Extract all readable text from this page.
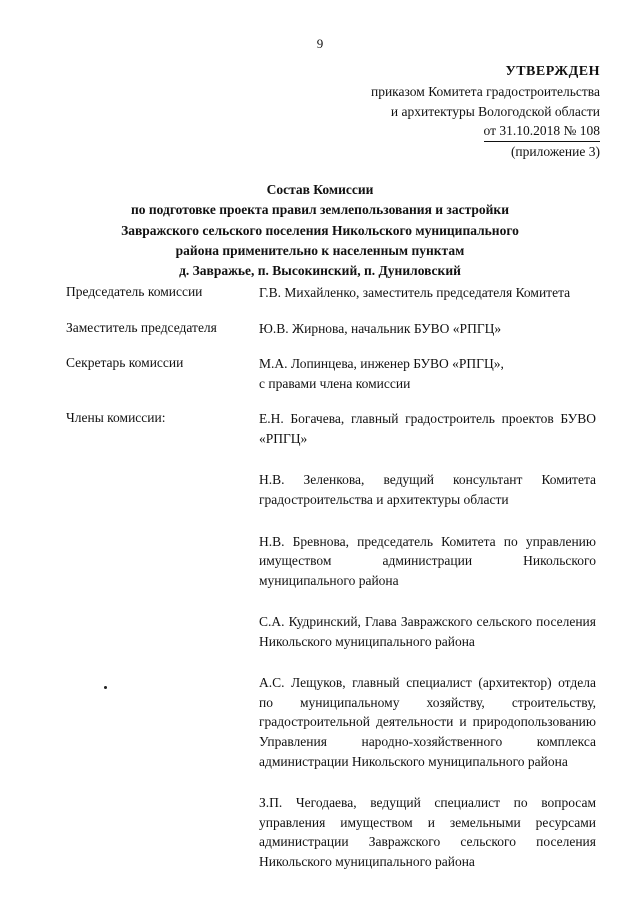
9
УТВЕРЖДЕН
приказом Комитета градостроительства
и архитектуры Вологодской области
от 31.10.2018 № 108
(приложение 3)
Состав Комиссии
по подготовке проекта правил землепользования и застройки
Завражского сельского поселения Никольского муниципального
района применительно к населенным пунктам
д. Завражье, п. Высокинский, п. Дуниловский
Председатель комиссии	Г.В. Михайленко, заместитель председателя Комитета
Заместитель председателя	Ю.В. Жирнова, начальник БУВО «РПГЦ»
Секретарь комиссии	М.А. Лопинцева, инженер БУВО «РПГЦ»,
с правами члена комиссии
Члены комиссии:	Е.Н. Богачева, главный градостроитель проектов БУВО «РПГЦ»
Н.В. Зеленкова, ведущий консультант Комитета градостроительства и архитектуры области
Н.В. Бревнова, председатель Комитета по управлению имуществом администрации Никольского муниципального района
С.А. Кудринский, Глава Завражского сельского поселения Никольского муниципального района
А.С. Лещуков, главный специалист (архитектор) отдела по муниципальному хозяйству, строительству, градостроительной деятельности и природопользованию Управления народно-хозяйственного комплекса администрации Никольского муниципального района
З.П. Чегодаева, ведущий специалист по вопросам управления имуществом и земельными ресурсами администрации Завражского сельского поселения Никольского муниципального района
